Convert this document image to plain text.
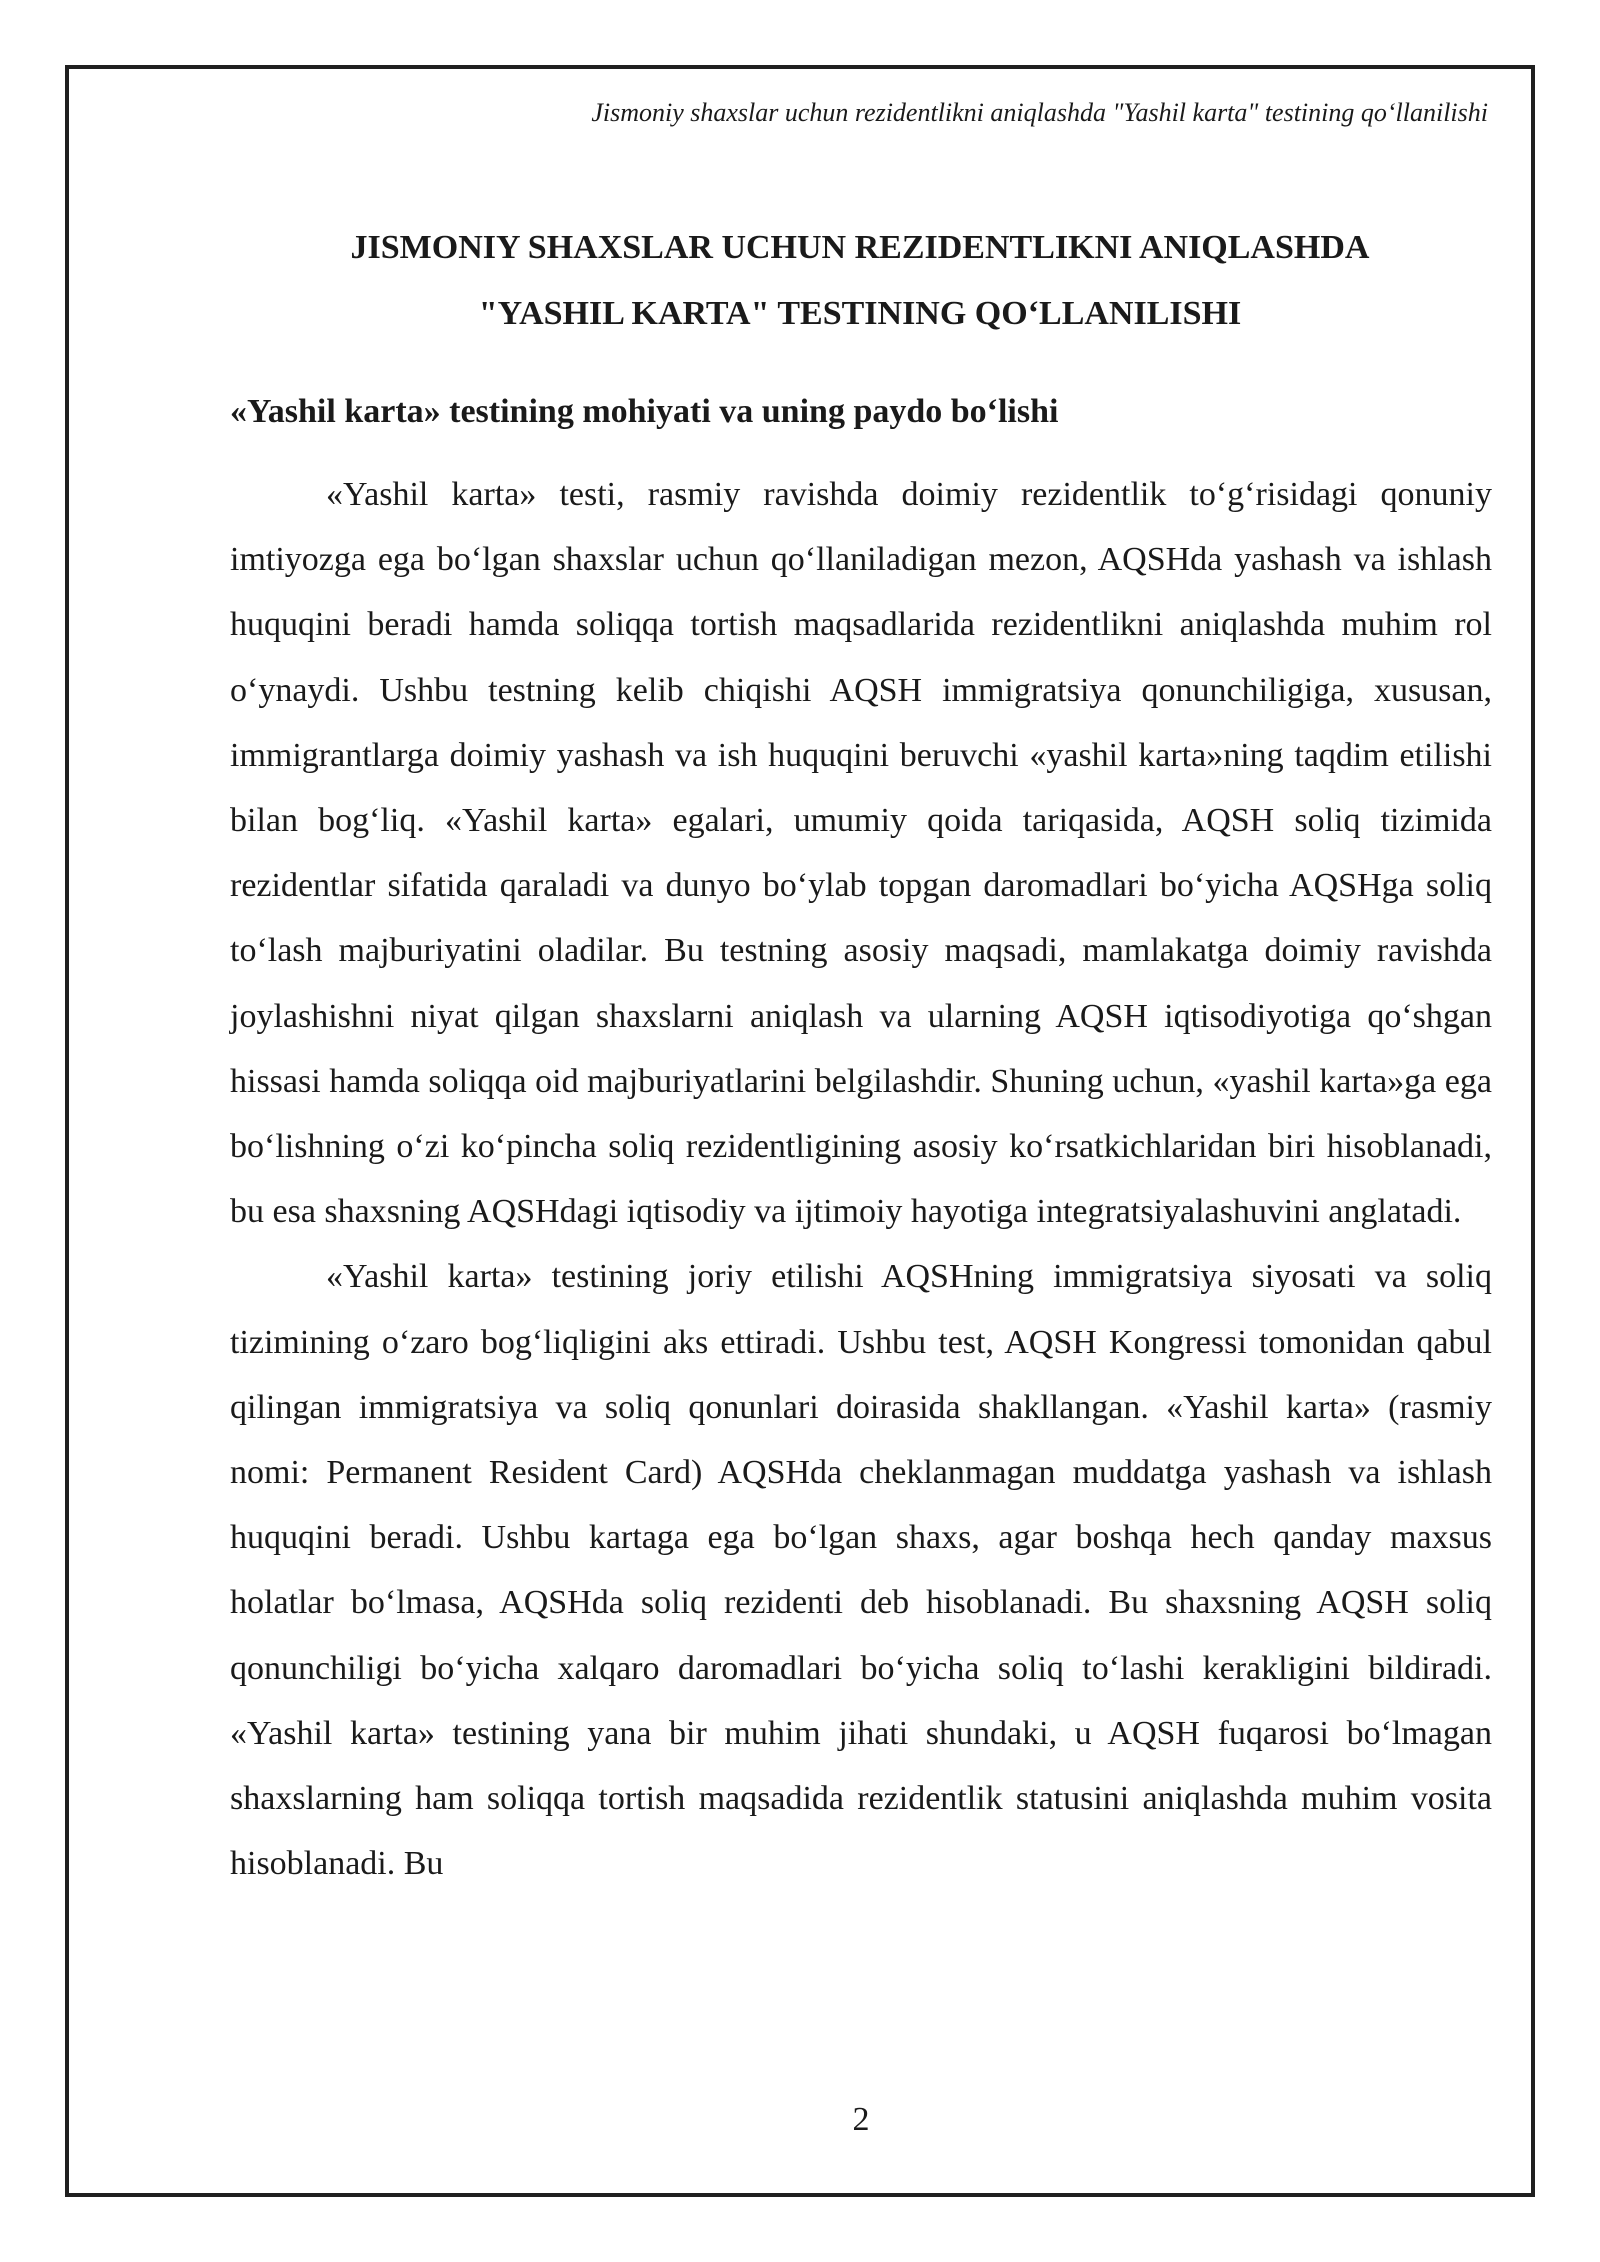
Jismoniy shaxslar uchun rezidentlikni aniqlashda "Yashil karta" testining qo‘llanilishi
JISMONIY SHAXSLAR UCHUN REZIDENTLIKNI ANIQLASHDA
"YASHIL KARTA" TESTINING QO‘LLANILISHI
«Yashil karta» testining mohiyati va uning paydo bo‘lishi

«Yashil karta» testi, rasmiy ravishda doimiy rezidentlik to‘g‘risidagi qonuniy imtiyozga ega bo‘lgan shaxslar uchun qo‘llaniladigan mezon, AQSHda yashash va ishlash huquqini beradi hamda soliqqa tortish maqsadlarida rezidentlikni aniqlashda muhim rol o‘ynaydi. Ushbu testning kelib chiqishi AQSH immigratsiya qonunchiligiga, xususan, immigrantlarga doimiy yashash va ish huquqini beruvchi «yashil karta»ning taqdim etilishi bilan bog‘liq. «Yashil karta» egalari, umumiy qoida tariqasida, AQSH soliq tizimida rezidentlar sifatida qaraladi va dunyo bo‘ylab topgan daromadlari bo‘yicha AQSHga soliq to‘lash majburiyatini oladilar. Bu testning asosiy maqsadi, mamlakatga doimiy ravishda joylashishni niyat qilgan shaxslarni aniqlash va ularning AQSH iqtisodiyotiga qo‘shgan hissasi hamda soliqqa oid majburiyatlarini belgilashdir. Shuning uchun, «yashil karta»ga ega bo‘lishning o‘zi ko‘pincha soliq rezidentligining asosiy ko‘rsatkichlaridan biri hisoblanadi, bu esa shaxsning AQSHdagi iqtisodiy va ijtimoiy hayotiga integratsiyalashuvini anglatadi.

«Yashil karta» testining joriy etilishi AQSHning immigratsiya siyosati va soliq tizimining o‘zaro bog‘liqligini aks ettiradi. Ushbu test, AQSH Kongressi tomonidan qabul qilingan immigratsiya va soliq qonunlari doirasida shakllangan. «Yashil karta» (rasmiy nomi: Permanent Resident Card) AQSHda cheklanmagan muddatga yashash va ishlash huquqini beradi. Ushbu kartaga ega bo‘lgan shaxs, agar boshqa hech qanday maxsus holatlar bo‘lmasa, AQSHda soliq rezidenti deb hisoblanadi. Bu shaxsning AQSH soliq qonunchiligi bo‘yicha xalqaro daromadlari bo‘yicha soliq to‘lashi kerakligini bildiradi. «Yashil karta» testining yana bir muhim jihati shundaki, u AQSH fuqarosi bo‘lmagan shaxslarning ham soliqqa tortish maqsadida rezidentlik statusini aniqlashda muhim vosita hisoblanadi. Bu

2
